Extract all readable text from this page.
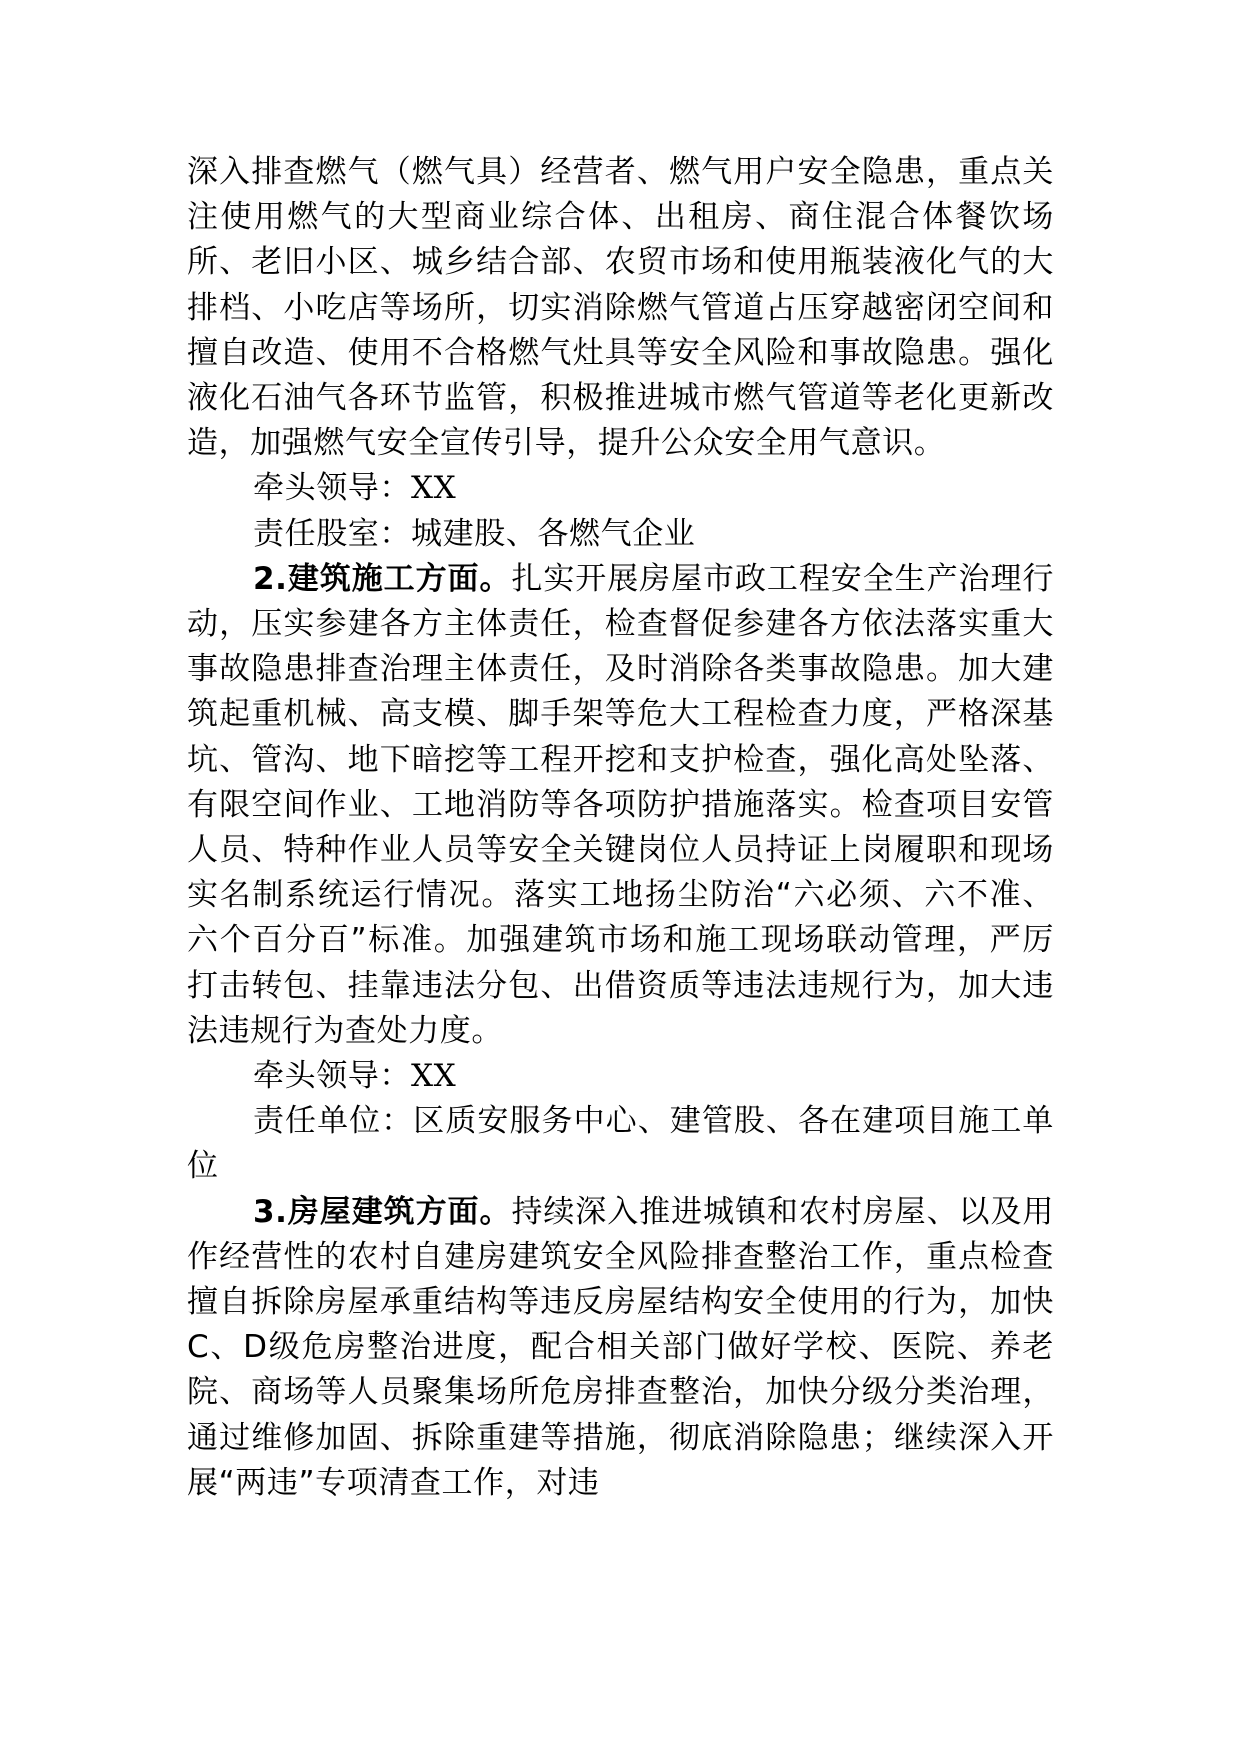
深入排查燃气（燃气具）经营者、燃气用户安全隐患，重点关注使用燃气的大型商业综合体、出租房、商住混合体餐饮场所、老旧小区、城乡结合部、农贸市场和使用瓶装液化气的大排档、小吃店等场所，切实消除燃气管道占压穿越密闭空间和擅自改造、使用不合格燃气灶具等安全风险和事故隐患。强化液化石油气各环节监管，积极推进城市燃气管道等老化更新改造，加强燃气安全宣传引导，提升公众安全用气意识。

牵头领导：XX

责任股室：城建股、各燃气企业

2.建筑施工方面。扎实开展房屋市政工程安全生产治理行动，压实参建各方主体责任，检查督促参建各方依法落实重大事故隐患排查治理主体责任，及时消除各类事故隐患。加大建筑起重机械、高支模、脚手架等危大工程检查力度，严格深基坑、管沟、地下暗挖等工程开挖和支护检查，强化高处坠落、有限空间作业、工地消防等各项防护措施落实。检查项目安管人员、特种作业人员等安全关键岗位人员持证上岗履职和现场实名制系统运行情况。落实工地扬尘防治“六必须、六不准、六个百分百”标准。加强建筑市场和施工现场联动管理，严厉打击转包、挂靠违法分包、出借资质等违法违规行为，加大违法违规行为查处力度。

牵头领导：XX

责任单位：区质安服务中心、建管股、各在建项目施工单位

3.房屋建筑方面。持续深入推进城镇和农村房屋、以及用作经营性的农村自建房建筑安全风险排查整治工作，重点检查擅自拆除房屋承重结构等违反房屋结构安全使用的行为，加快C、D级危房整治进度，配合相关部门做好学校、医院、养老院、商场等人员聚集场所危房排查整治，加快分级分类治理，通过维修加固、拆除重建等措施，彻底消除隐患；继续深入开展“两违”专项清查工作，对违
